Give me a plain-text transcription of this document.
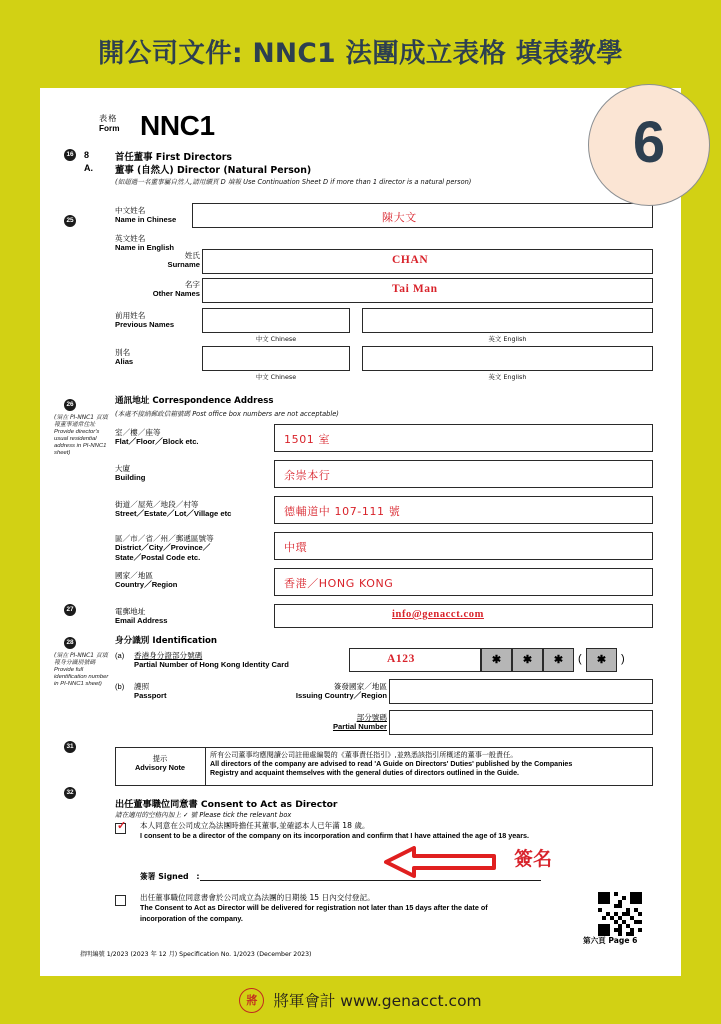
開公司文件: NNC1 法團成立表格 填表教學
6
表格
Form NNC1
8	首任董事 First Directors
A. 董事 (自然人) Director (Natural Person)
(如超過一名董事屬自然人,請用續頁 D 填報 Use Continuation Sheet D if more than 1 director is a natural person)
16
25
26
27
28
31
32
(須在 PI-NNC1 頁填報董事通常住址
Provide director's usual residential address in PI-NNC1 sheet)
(須在 PI-NNC1 頁填報身分識別號碼
Provide full identification number in PI-NNC1 sheet)
中文姓名
Name in Chinese	陳大文
英文姓名
Name in English
姓氏
Surname	CHAN
名字
Other Names	Tai Man
前用姓名
Previous Names
中文 Chinese	英文 English
別名
Alias
中文 Chinese	英文 English
通訊地址 Correspondence Address
(本處不接納郵政信箱號碼 Post office box numbers are not acceptable)
室／樓／座等
Flat／Floor／Block etc.	1501 室
大廈
Building	余崇本行
街道／屋苑／地段／村等
Street／Estate／Lot／Village etc	德輔道中 107-111 號
區／市／省／州／郵遞區號等
District／City／Province／
State／Postal Code etc.
中環
國家／地區
Country／Region	香港／HONG KONG
電郵地址
Email Address
info@genacct.com
身分識別 Identification
(a) 香港身分證部分號碼
Partial Number of Hong Kong Identity Card	A123	✱	✱	✱	(	✱	)
(b) 護照
Passport
簽發國家／地區
Issuing Country／Region
部分號碼
Partial Number
提示
Advisory Note
所有公司董事均應閱讀公司註冊處編製的《董事責任指引》,並熟悉該指引所概述的董事一般責任。
All directors of the company are advised to read 'A Guide on Directors' Duties' published by the Companies
Registry and acquaint themselves with the general duties of directors outlined in the Guide.
出任董事職位同意書 Consent to Act as Director
請在適用的空格內加上 ✓ 號 Please tick the relevant box
✓ 本人同意在公司成立為法團時擔任其董事,並確認本人已年滿 18 歲。
I consent to be a director of the company on its incorporation and confirm that I have attained the age of 18 years.
簽署 Signed　:
簽名
出任董事職位同意書會於公司成立為法團的日期後 15 日內交付登記。
The Consent to Act as Director will be delivered for registration not later than 15 days after the date of
incorporation of the company.
第六頁 Page 6
指明編號 1/2023 (2023 年 12 月) Specification No. 1/2023 (December 2023)
將	將軍會計 www.genacct.com
